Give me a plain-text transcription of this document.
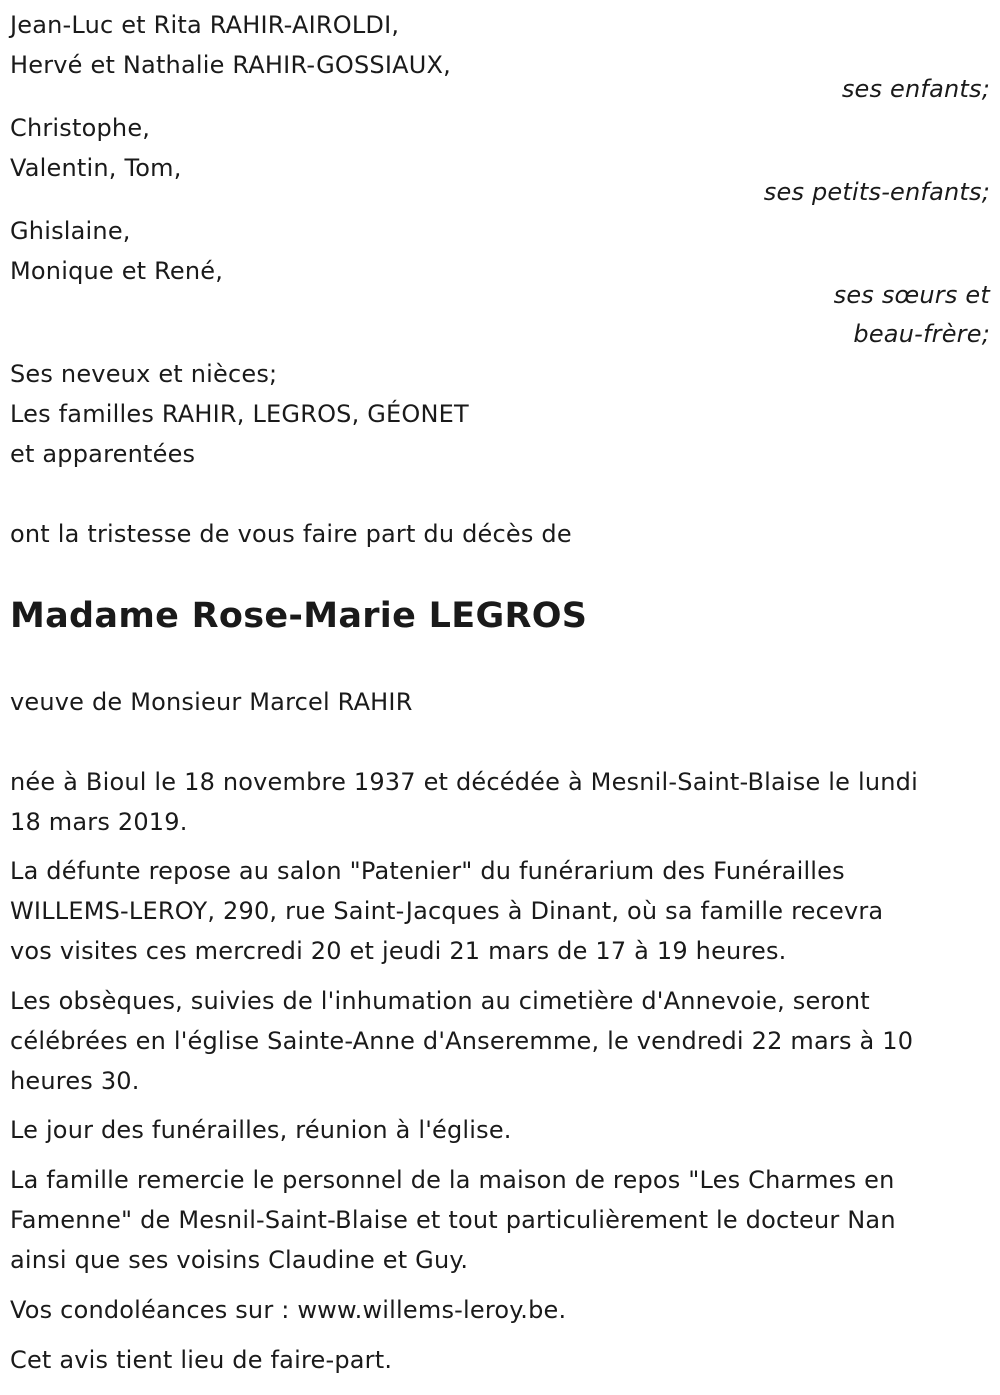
Jean-Luc et Rita RAHIR-AIROLDI,
Hervé et Nathalie RAHIR-GOSSIAUX,
ses enfants;
Christophe,
Valentin, Tom,
ses petits-enfants;
Ghislaine,
Monique et René,
ses sœurs et
beau-frère;
Ses neveux et nièces;
Les familles RAHIR, LEGROS, GÉONET
et apparentées
ont la tristesse de vous faire part du décès de
Madame Rose-Marie LEGROS
veuve de Monsieur Marcel RAHIR
née à Bioul le 18 novembre 1937 et décédée à Mesnil-Saint-Blaise le lundi
18 mars 2019.
La défunte repose au salon "Patenier" du funérarium des Funérailles
WILLEMS-LEROY, 290, rue Saint-Jacques à Dinant, où sa famille recevra
vos visites ces mercredi 20 et jeudi 21 mars de 17 à 19 heures.
Les obsèques, suivies de l'inhumation au cimetière d'Annevoie, seront
célébrées en l'église Sainte-Anne d'Anseremme, le vendredi 22 mars à 10
heures 30.
Le jour des funérailles, réunion à l'église.
La famille remercie le personnel de la maison de repos "Les Charmes en
Famenne" de Mesnil-Saint-Blaise et tout particulièrement le docteur Nan
ainsi que ses voisins Claudine et Guy.
Vos condoléances sur : www.willems-leroy.be.
Cet avis tient lieu de faire-part.
